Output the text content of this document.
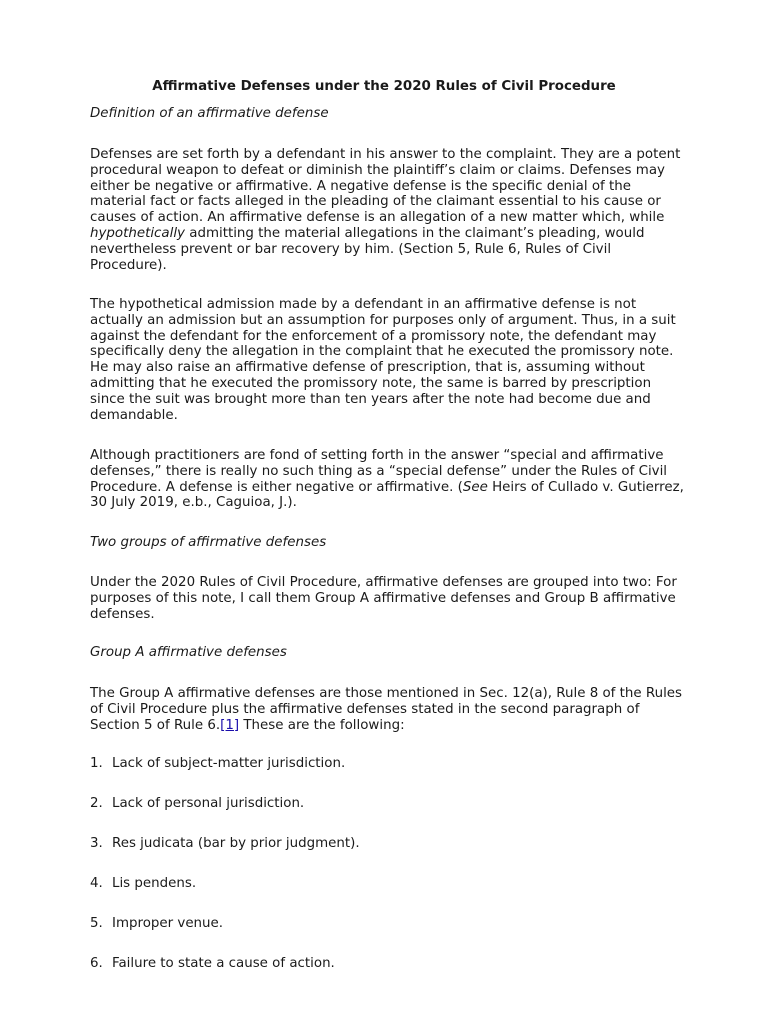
Affirmative Defenses under the 2020 Rules of Civil Procedure
Definition of an affirmative defense

Defenses are set forth by a defendant in his answer to the complaint. They are a potent procedural weapon to defeat or diminish the plaintiff’s claim or claims. Defenses may either be negative or affirmative. A negative defense is the specific denial of the material fact or facts alleged in the pleading of the claimant essential to his cause or causes of action. An affirmative defense is an allegation of a new matter which, while hypothetically admitting the material allegations in the claimant’s pleading, would nevertheless prevent or bar recovery by him. (Section 5, Rule 6, Rules of Civil Procedure).

The hypothetical admission made by a defendant in an affirmative defense is not actually an admission but an assumption for purposes only of argument. Thus, in a suit against the defendant for the enforcement of a promissory note, the defendant may specifically deny the allegation in the complaint that he executed the promissory note. He may also raise an affirmative defense of prescription, that is, assuming without admitting that he executed the promissory note, the same is barred by prescription since the suit was brought more than ten years after the note had become due and demandable.

Although practitioners are fond of setting forth in the answer “special and affirmative defenses,” there is really no such thing as a “special defense” under the Rules of Civil Procedure. A defense is either negative or affirmative. (See Heirs of Cullado v. Gutierrez, 30 July 2019, e.b., Caguioa, J.).

Two groups of affirmative defenses

Under the 2020 Rules of Civil Procedure, affirmative defenses are grouped into two: For purposes of this note, I call them Group A affirmative defenses and Group B affirmative defenses.

Group A affirmative defenses

The Group A affirmative defenses are those mentioned in Sec. 12(a), Rule 8 of the Rules of Civil Procedure plus the affirmative defenses stated in the second paragraph of Section 5 of Rule 6.[1] These are the following:

1. Lack of subject-matter jurisdiction.
2. Lack of personal jurisdiction.
3. Res judicata (bar by prior judgment).
4. Lis pendens.
5. Improper venue.
6. Failure to state a cause of action.
